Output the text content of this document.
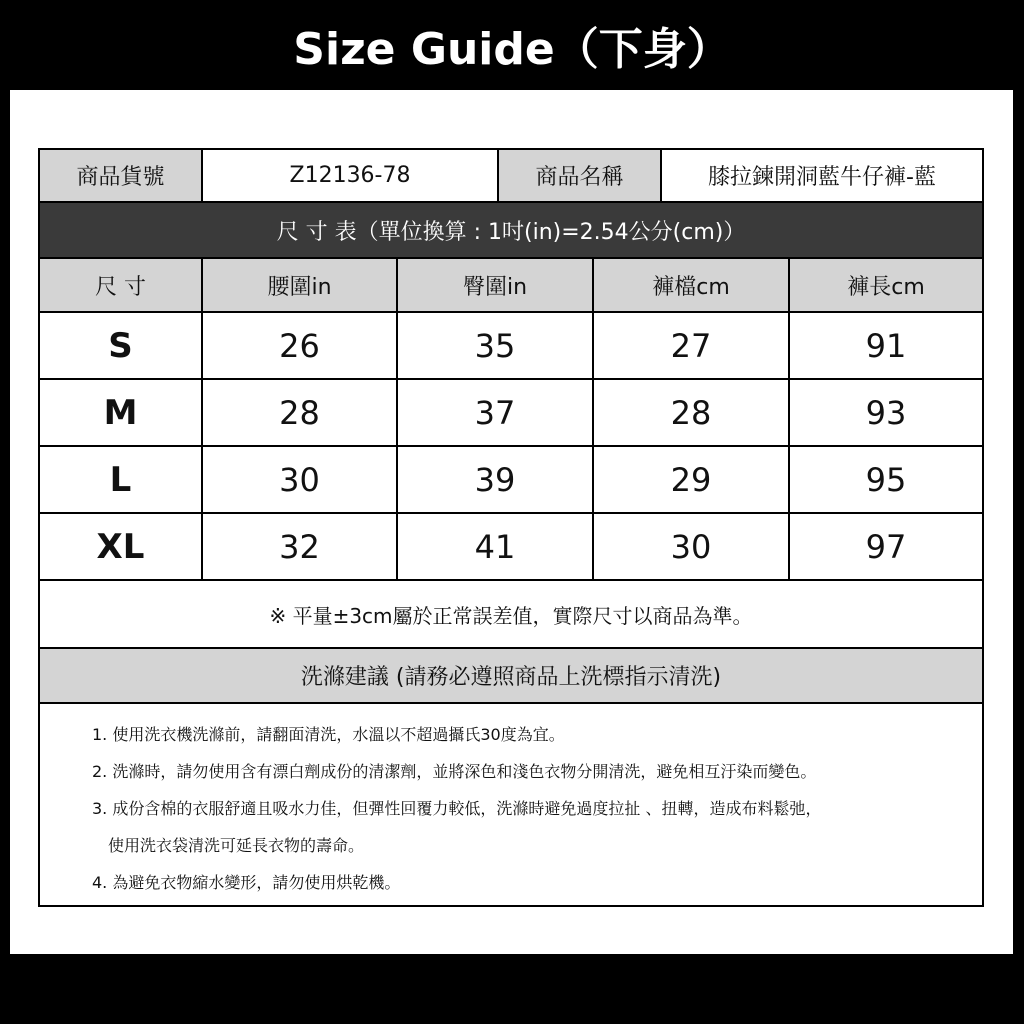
Size Guide（下身）
商品貨號	Z12136-78	商品名稱	膝拉鍊開洞藍牛仔褲-藍
尺 寸 表（單位換算 : 1吋(in)=2.54公分(cm)）
尺 寸	腰圍in	臀圍in	褲檔cm	褲長cm
S	26	35	27	91
M	28	37	28	93
L	30	39	29	95
XL	32	41	30	97
※ 平量±3cm屬於正常誤差值，實際尺寸以商品為準。
洗滌建議 (請務必遵照商品上洗標指示清洗)
1. 使用洗衣機洗滌前，請翻面清洗，水溫以不超過攝氏30度為宜。
2. 洗滌時，請勿使用含有漂白劑成份的清潔劑，並將深色和淺色衣物分開清洗，避免相互汙染而變色。
3. 成份含棉的衣服舒適且吸水力佳，但彈性回覆力較低，洗滌時避免過度拉扯 、扭轉，造成布料鬆弛，
使用洗衣袋清洗可延長衣物的壽命。
4. 為避免衣物縮水變形，請勿使用烘乾機。
